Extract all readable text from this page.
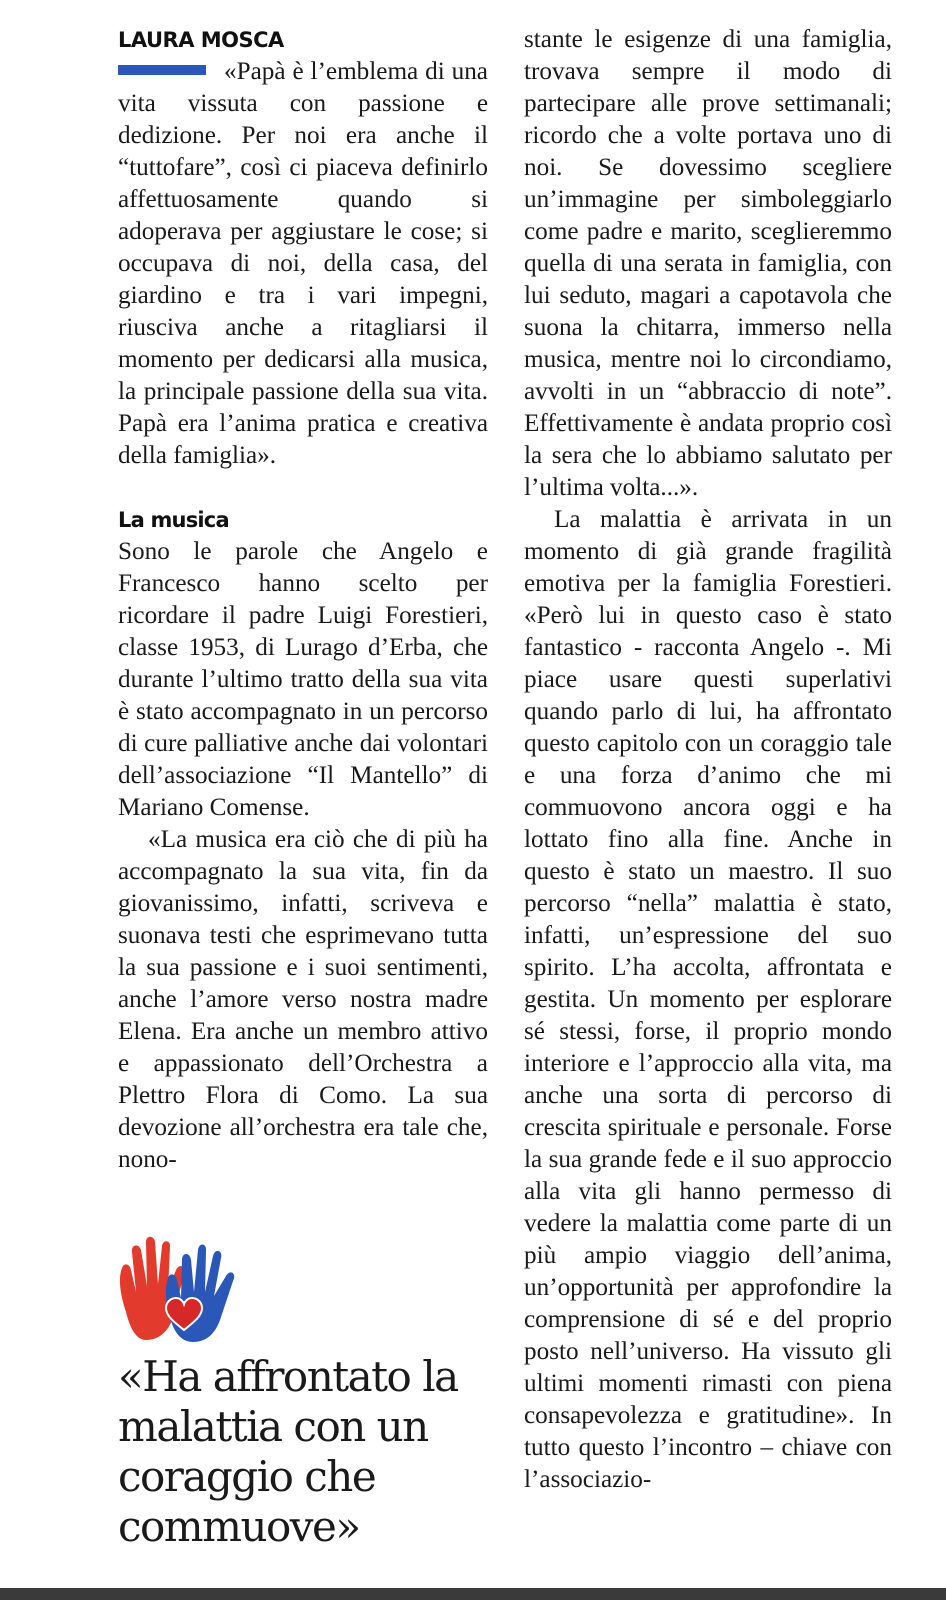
LAURA MOSCA

«Papà è l’emblema di una vita vissuta con passione e dedizione. Per noi era anche il “tuttofare”, così ci piaceva definirlo affettuosamente quando si adoperava per aggiustare le cose; si occupava di noi, della casa, del giardino e tra i vari impegni, riusciva anche a ritagliarsi il momento per dedicarsi alla musica, la principale passione della sua vita. Papà era l’anima pratica e creativa della famiglia».

La musica

Sono le parole che Angelo e Francesco hanno scelto per ricordare il padre Luigi Forestieri, classe 1953, di Lurago d’Erba, che durante l’ultimo tratto della sua vita è stato accompagnato in un percorso di cure palliative anche dai volontari dell’associazione “Il Mantello” di Mariano Comense.

«La musica era ciò che di più ha accompagnato la sua vita, fin da giovanissimo, infatti, scriveva e suonava testi che esprimevano tutta la sua passione e i suoi sentimenti, anche l’amore verso nostra madre Elena. Era anche un membro attivo e appassionato dell’Orchestra a Plettro Flora di Como. La sua devozione all’orchestra era tale che, nono-

stante le esigenze di una famiglia, trovava sempre il modo di partecipare alle prove settimanali; ricordo che a volte portava uno di noi. Se dovessimo scegliere un’immagine per simboleggiarlo come padre e marito, sceglieremmo quella di una serata in famiglia, con lui seduto, magari a capotavola che suona la chitarra, immerso nella musica, mentre noi lo circondiamo, avvolti in un “abbraccio di note”. Effettivamente è andata proprio così la sera che lo abbiamo salutato per l’ultima volta...».

La malattia è arrivata in un momento di già grande fragilità emotiva per la famiglia Forestieri. «Però lui in questo caso è stato fantastico - racconta Angelo -. Mi piace usare questi superlativi quando parlo di lui, ha affrontato questo capitolo con un coraggio tale e una forza d’animo che mi commuovono ancora oggi e ha lottato fino alla fine. Anche in questo è stato un maestro. Il suo percorso “nella” malattia è stato, infatti, un’espressione del suo spirito. L’ha accolta, affrontata e gestita. Un momento per esplorare sé stessi, forse, il proprio mondo interiore e l’approccio alla vita, ma anche una sorta di percorso di crescita spirituale e personale. Forse la sua grande fede e il suo approccio alla vita gli hanno permesso di vedere la malattia come parte di un più ampio viaggio dell’anima, un’opportunità per approfondire la comprensione di sé e del proprio posto nell’universo. Ha vissuto gli ultimi momenti rimasti con piena consapevolezza e gratitudine». In tutto questo l’incontro – chiave con l’associazio-

«Ha affrontato la malattia con un coraggio che commuove»
